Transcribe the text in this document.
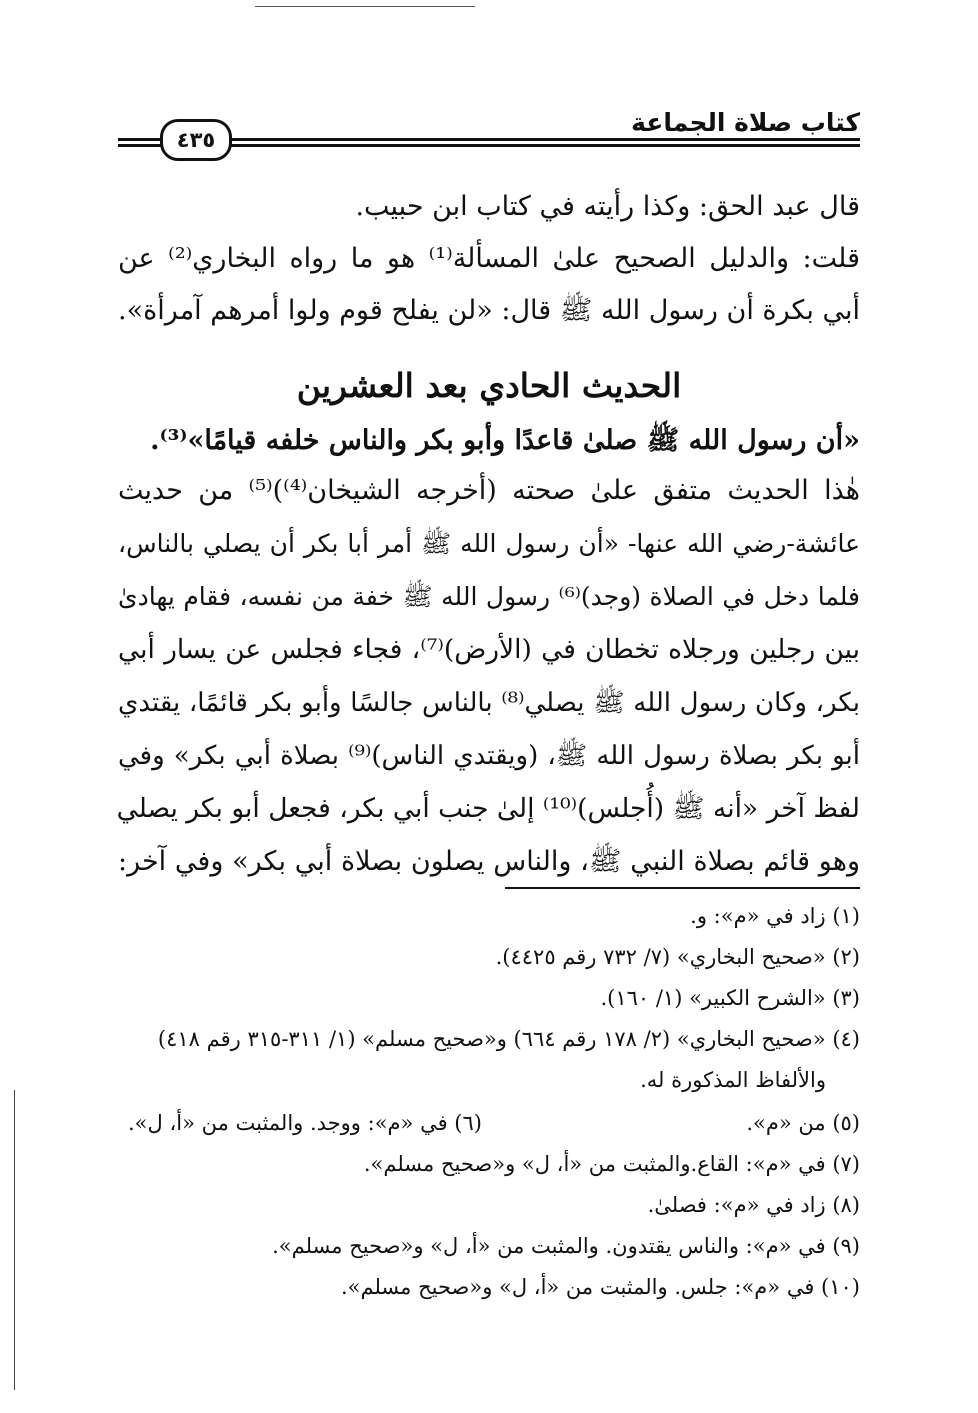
كتاب صلاة الجماعة
٤٣٥
قال عبد الحق: وكذا رأيته في كتاب ابن حبيب.
قلت: والدليل الصحيح علىٰ المسألة⁽¹⁾ هو ما رواه البخاري⁽²⁾ عن
أبي بكرة أن رسول الله ﷺ قال: «لن يفلح قوم ولوا أمرهم آمرأة».
الحديث الحادي بعد العشرين
«أن رسول الله ﷺ صلىٰ قاعدًا وأبو بكر والناس خلفه قيامًا»⁽³⁾.
هٰذا الحديث متفق علىٰ صحته (أخرجه الشيخان⁽⁴⁾)⁽⁵⁾ من حديث
عائشة-رضي الله عنها- «أن رسول الله ﷺ أمر أبا بكر أن يصلي بالناس،
فلما دخل في الصلاة (وجد)⁽⁶⁾ رسول الله ﷺ خفة من نفسه، فقام يهادىٰ
بين رجلين ورجلاه تخطان في (الأرض)⁽⁷⁾، فجاء فجلس عن يسار أبي
بكر، وكان رسول الله ﷺ يصلي⁽⁸⁾ بالناس جالسًا وأبو بكر قائمًا، يقتدي
أبو بكر بصلاة رسول الله ﷺ، (ويقتدي الناس)⁽⁹⁾ بصلاة أبي بكر» وفي
لفظ آخر «أنه ﷺ (أُجلس)⁽¹⁰⁾ إلىٰ جنب أبي بكر، فجعل أبو بكر يصلي
وهو قائم بصلاة النبي ﷺ، والناس يصلون بصلاة أبي بكر» وفي آخر:
(١) زاد في «م»: و.
(٢) «صحيح البخاري» (٧/ ٧٣٢ رقم ٤٤٢٥).
(٣) «الشرح الكبير» (١/ ١٦٠).
(٤) «صحيح البخاري» (٢/ ١٧٨ رقم ٦٦٤) و«صحيح مسلم» (١/ ٣١١-٣١٥ رقم ٤١٨)
والألفاظ المذكورة له.
(٥) من «م».
(٦) في «م»: ووجد. والمثبت من «أ، ل».
(٧) في «م»: القاع.والمثبت من «أ، ل» و«صحيح مسلم».
(٨) زاد في «م»: فصلىٰ.
(٩) في «م»: والناس يقتدون. والمثبت من «أ، ل» و«صحيح مسلم».
(١٠) في «م»: جلس. والمثبت من «أ، ل» و«صحيح مسلم».
